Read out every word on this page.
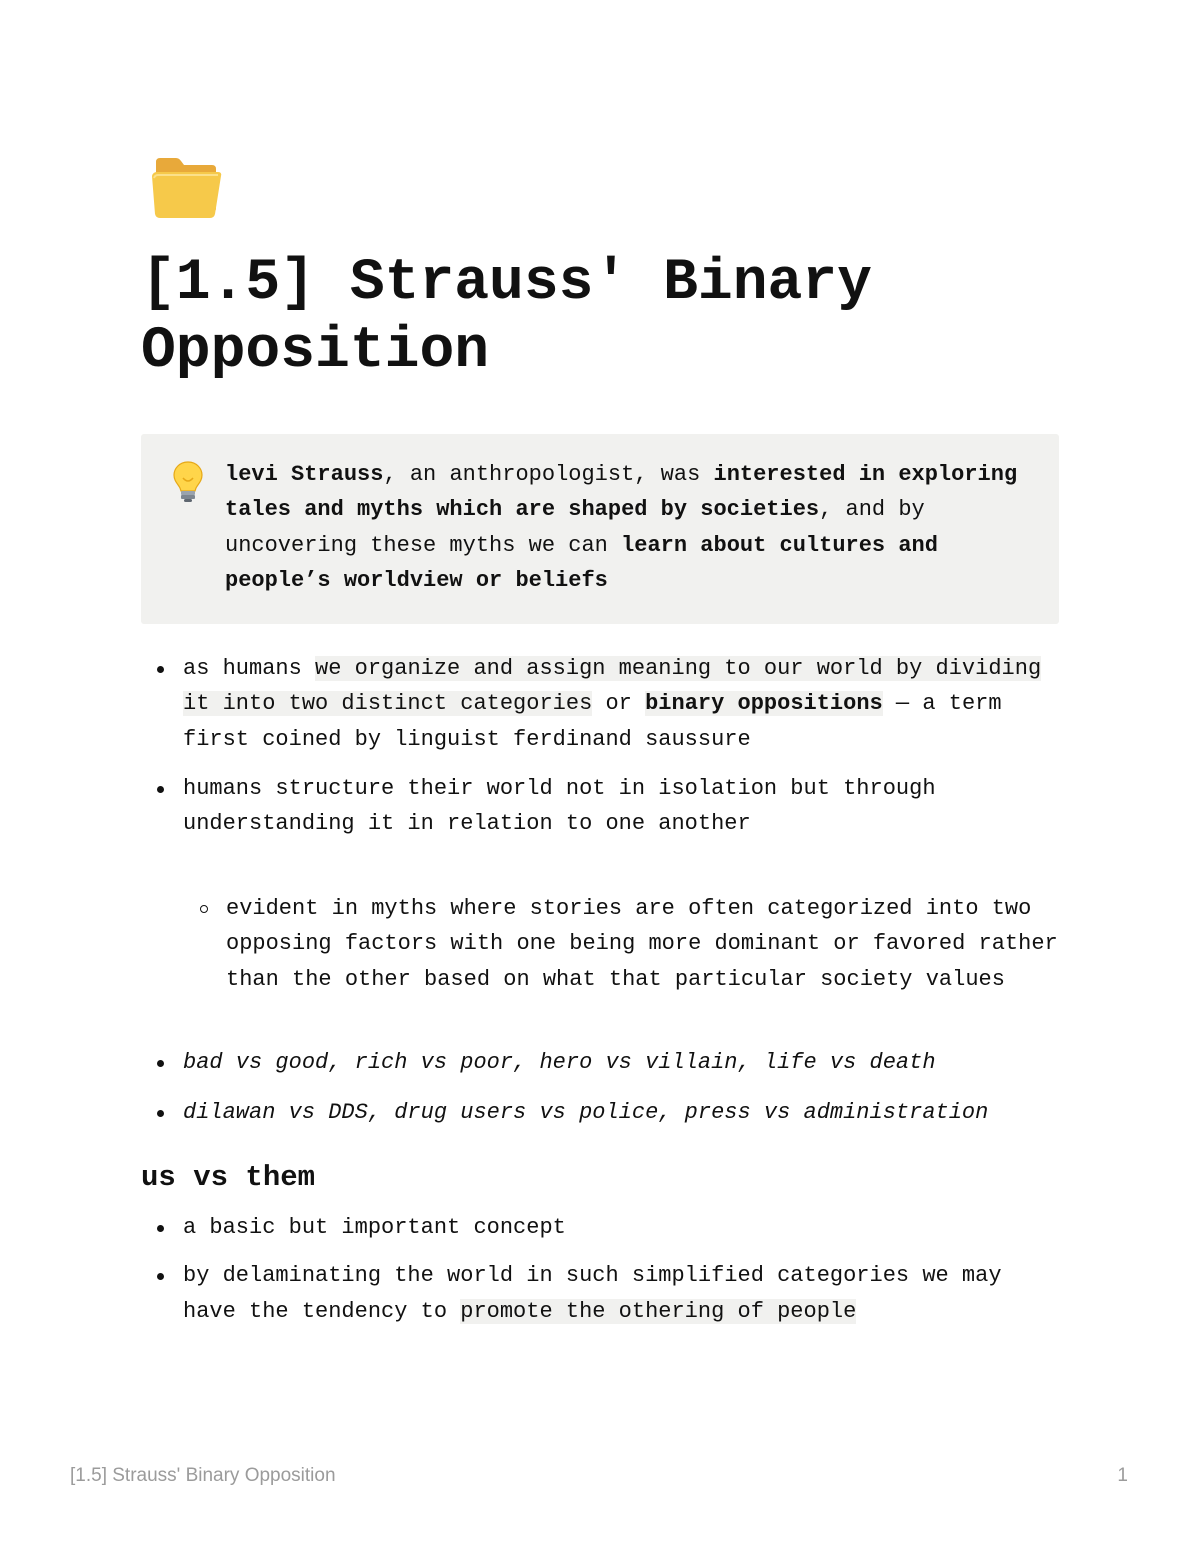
[1.5] Strauss' Binary Opposition
levi Strauss, an anthropologist, was interested in exploring tales and myths which are shaped by societies, and by uncovering these myths we can learn about cultures and people’s worldview or beliefs
as humans we organize and assign meaning to our world by dividing it into two distinct categories or binary oppositions — a term first coined by linguist ferdinand saussure
humans structure their world not in isolation but through understanding it in relation to one another
evident in myths where stories are often categorized into two opposing factors with one being more dominant or favored rather than the other based on what that particular society values
bad vs good, rich vs poor, hero vs villain, life vs death
dilawan vs DDS, drug users vs police, press vs administration
us vs them
a basic but important concept
by delaminating the world in such simplified categories we may have the tendency to promote the othering of people
[1.5] Strauss' Binary Opposition	1
